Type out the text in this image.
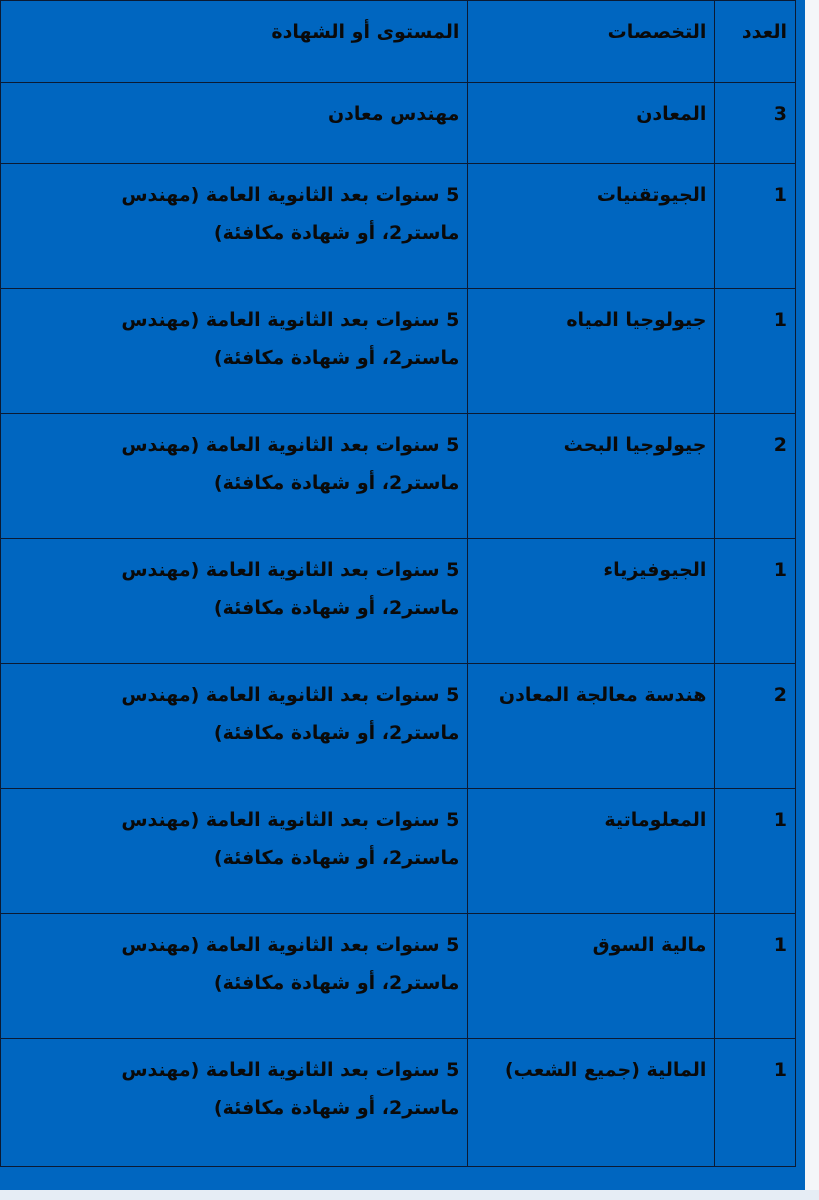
العدد	التخصصات	المستوى أو الشهادة
3	المعادن	مهندس معادن

1	الجيوتقنيات	5 سنوات بعد الثانوية العامة (مهندس
ماستر2، أو شهادة مكافئة)

1	جيولوجيا المياه	5 سنوات بعد الثانوية العامة (مهندس
ماستر2، أو شهادة مكافئة)

2	جيولوجيا البحث	5 سنوات بعد الثانوية العامة (مهندس
ماستر2، أو شهادة مكافئة)

1	الجيوفيزياء	5 سنوات بعد الثانوية العامة (مهندس
ماستر2، أو شهادة مكافئة)

2	هندسة معالجة المعادن	5 سنوات بعد الثانوية العامة (مهندس
ماستر2، أو شهادة مكافئة)

1	المعلوماتية	5 سنوات بعد الثانوية العامة (مهندس
ماستر2، أو شهادة مكافئة)

1	مالية السوق	5 سنوات بعد الثانوية العامة (مهندس
ماستر2، أو شهادة مكافئة)

1	المالية (جميع الشعب)	5 سنوات بعد الثانوية العامة (مهندس
ماستر2، أو شهادة مكافئة)
